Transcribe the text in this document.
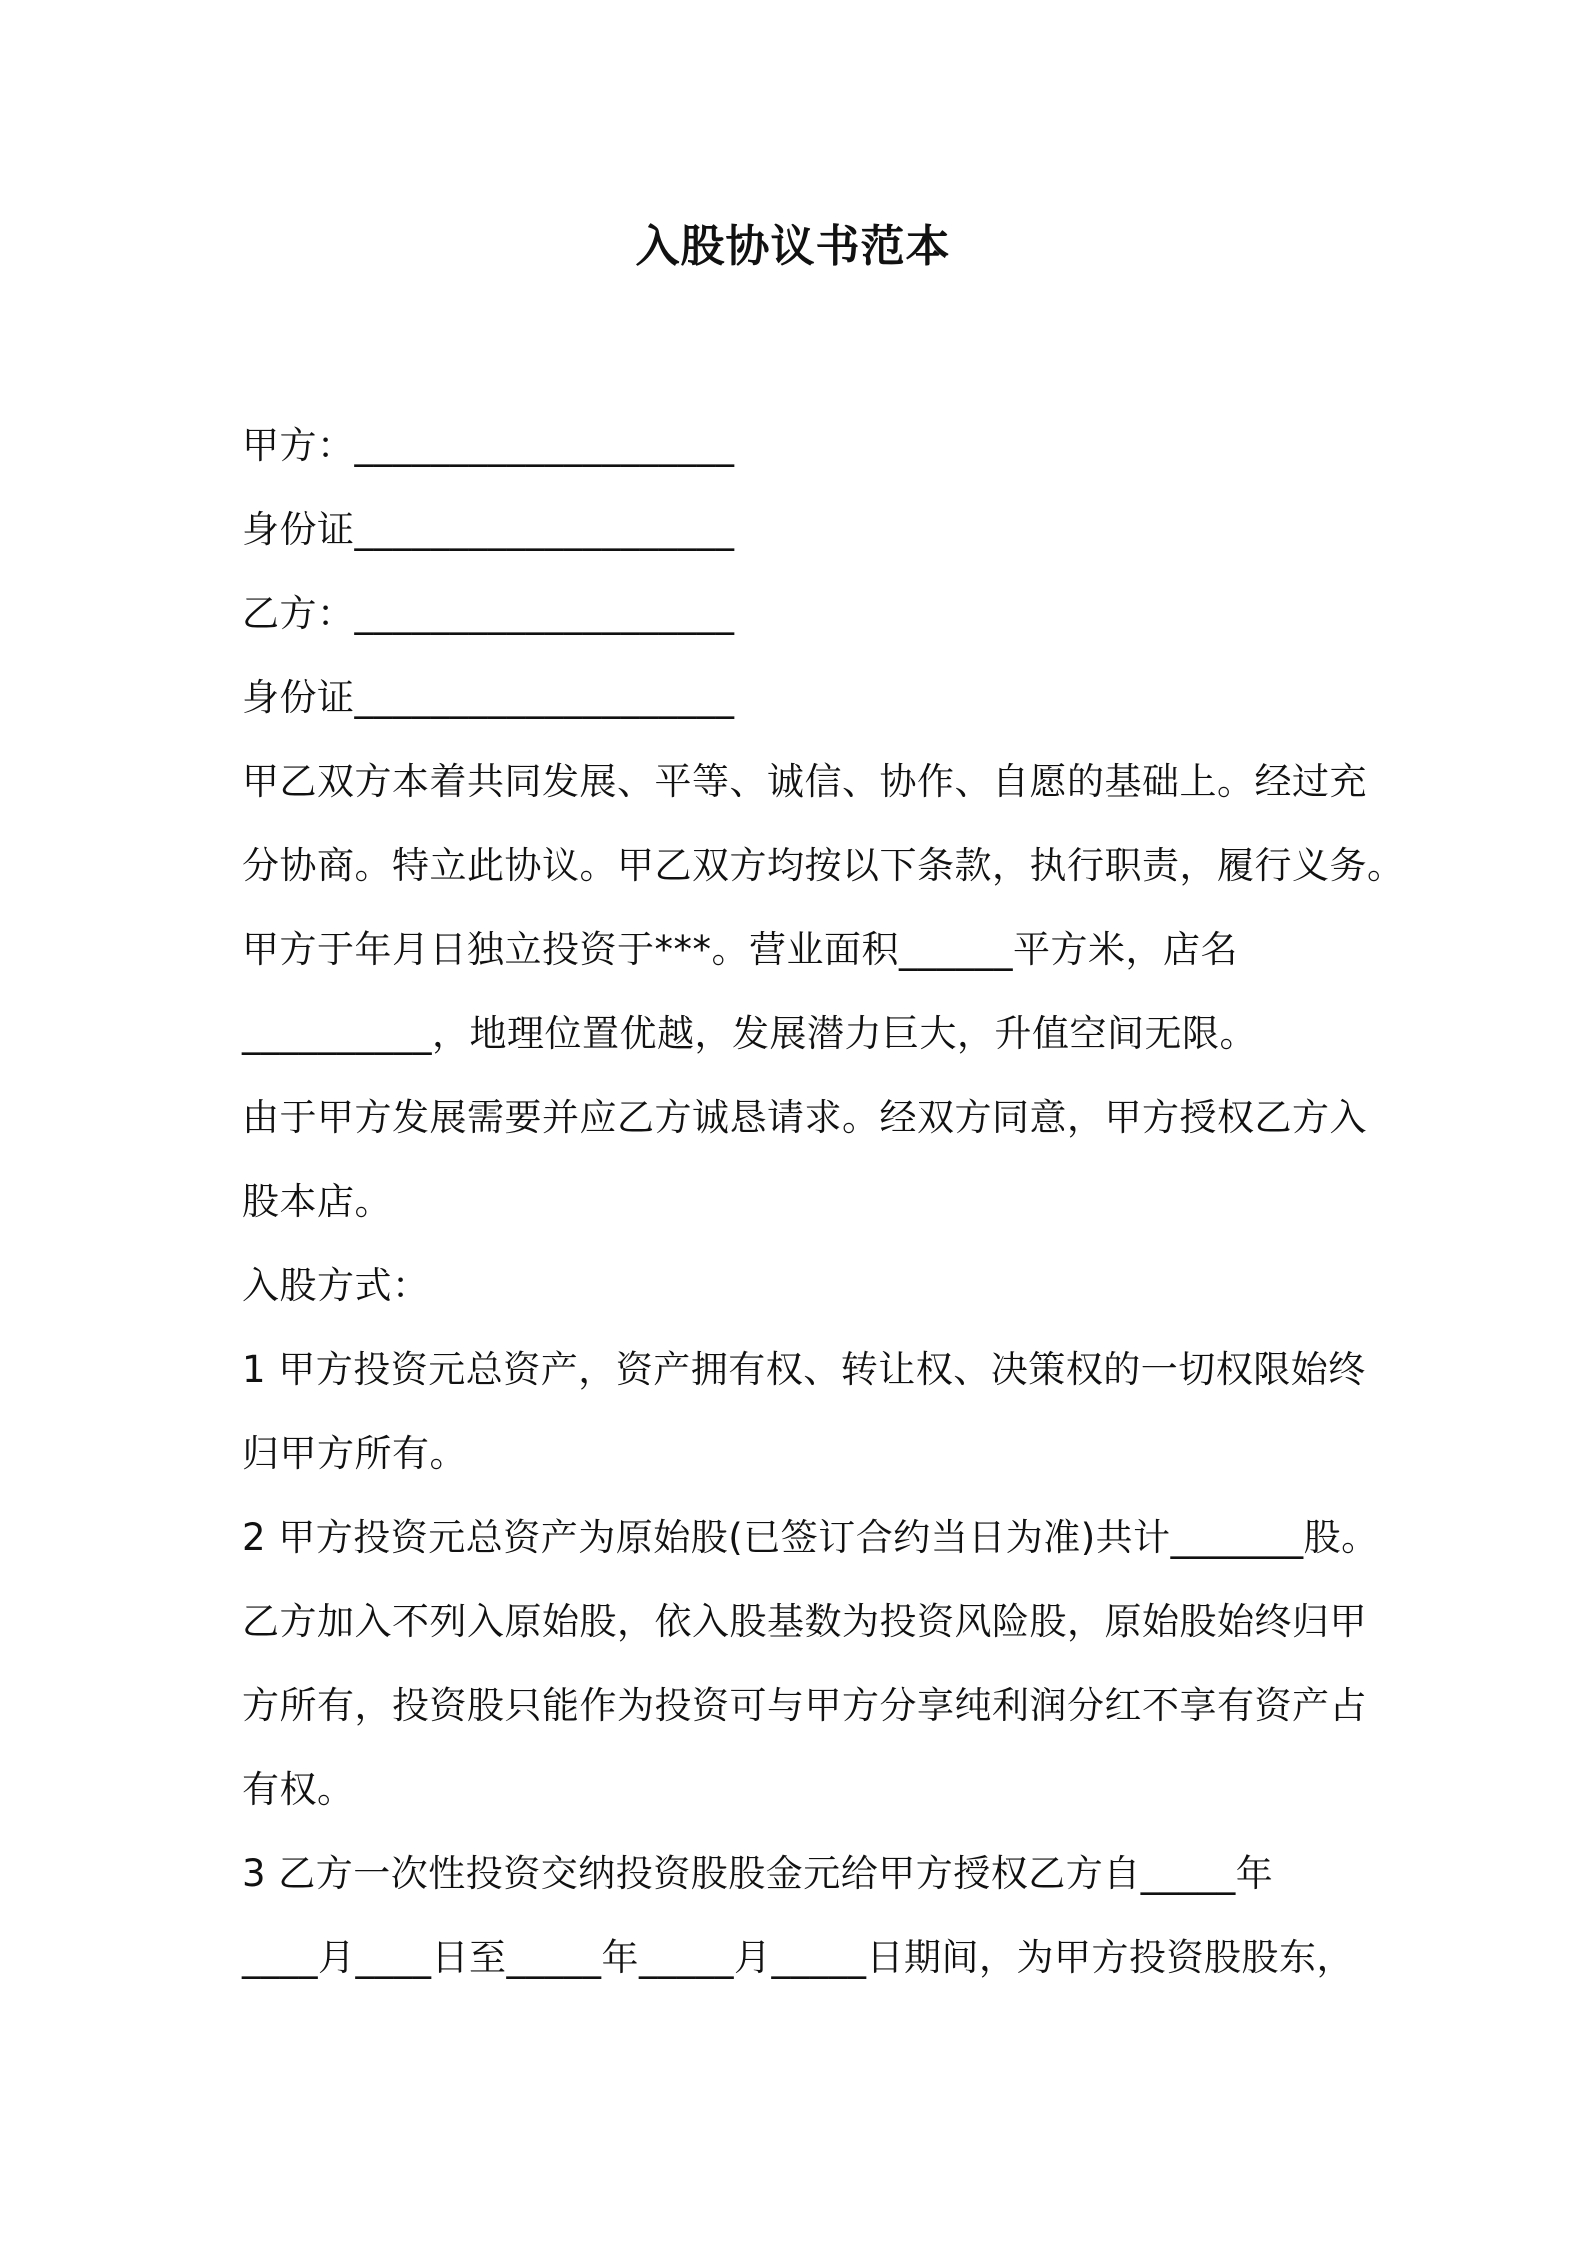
入股协议书范本
甲方：____________________
身份证____________________
乙方：____________________
身份证____________________
甲乙双方本着共同发展、平等、诚信、协作、自愿的基础上。经过充
分协商。特立此协议。甲乙双方均按以下条款，执行职责，履行义务。
甲方于年月日独立投资于***。营业面积______平方米，店名
__________，地理位置优越，发展潜力巨大，升值空间无限。
由于甲方发展需要并应乙方诚恳请求。经双方同意，甲方授权乙方入
股本店。
入股方式：
1 甲方投资元总资产，资产拥有权、转让权、决策权的一切权限始终
归甲方所有。
2 甲方投资元总资产为原始股(已签订合约当日为准)共计_______股。
乙方加入不列入原始股，依入股基数为投资风险股，原始股始终归甲
方所有，投资股只能作为投资可与甲方分享纯利润分红不享有资产占
有权。
3 乙方一次性投资交纳投资股股金元给甲方授权乙方自_____年
____月____日至_____年_____月_____日期间，为甲方投资股股东，
